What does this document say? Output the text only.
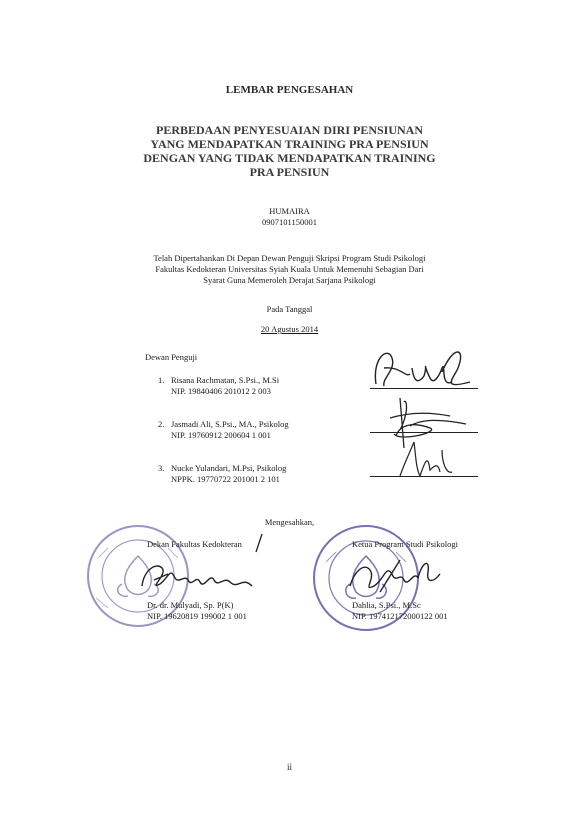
LEMBAR PENGESAHAN
PERBEDAAN PENYESUAIAN DIRI PENSIUNAN
YANG MENDAPATKAN TRAINING PRA PENSIUN
DENGAN YANG TIDAK MENDAPATKAN TRAINING
PRA PENSIUN
HUMAIRA
0907101150001
Telah Dipertahankan Di Depan Dewan Penguji Skripsi Program Studi Psikologi
Fakultas Kedokteran Universitas Syiah Kuala Untuk Memenuhi Sebagian Dari
Syarat Guna Memeroleh Derajat Sarjana Psikologi
Pada Tanggal
20 Agustus 2014
Dewan Penguji
1. Risana Rachmatan, S.Psi., M.Si
NIP. 19840406 201012 2 003
2. Jasmadi Ali, S.Psi., MA., Psikolog
NIP. 19760912 200604 1 001
3. Nucke Yulandari, M.Psi, Psikolog
NPPK. 19770722 201001 2 101
Mengesahkan,
Dekan Fakultas Kedokteran
Dr. dr. Mulyadi, Sp. P(K)
NIP. 19620819 199002 1 001
Ketua Program Studi Psikologi
Dahlia, S.Psi., M.Sc
NIP. 197412172000122 001
ii
